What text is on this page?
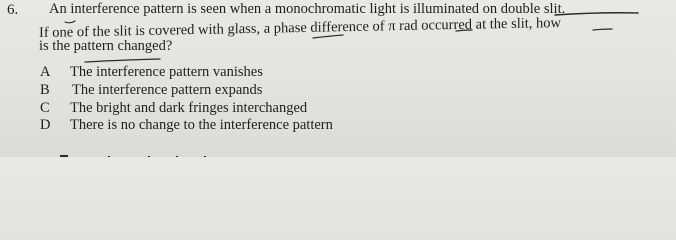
6.	An interference pattern is seen when a monochromatic light is illuminated on double slit.
If one of the slit is covered with glass, a phase difference of π rad occurred at the slit, how
is the pattern changed?
A	The interference pattern vanishes
B	The interference pattern expands
C	The bright and dark fringes interchanged
D	There is no change to the interference pattern
